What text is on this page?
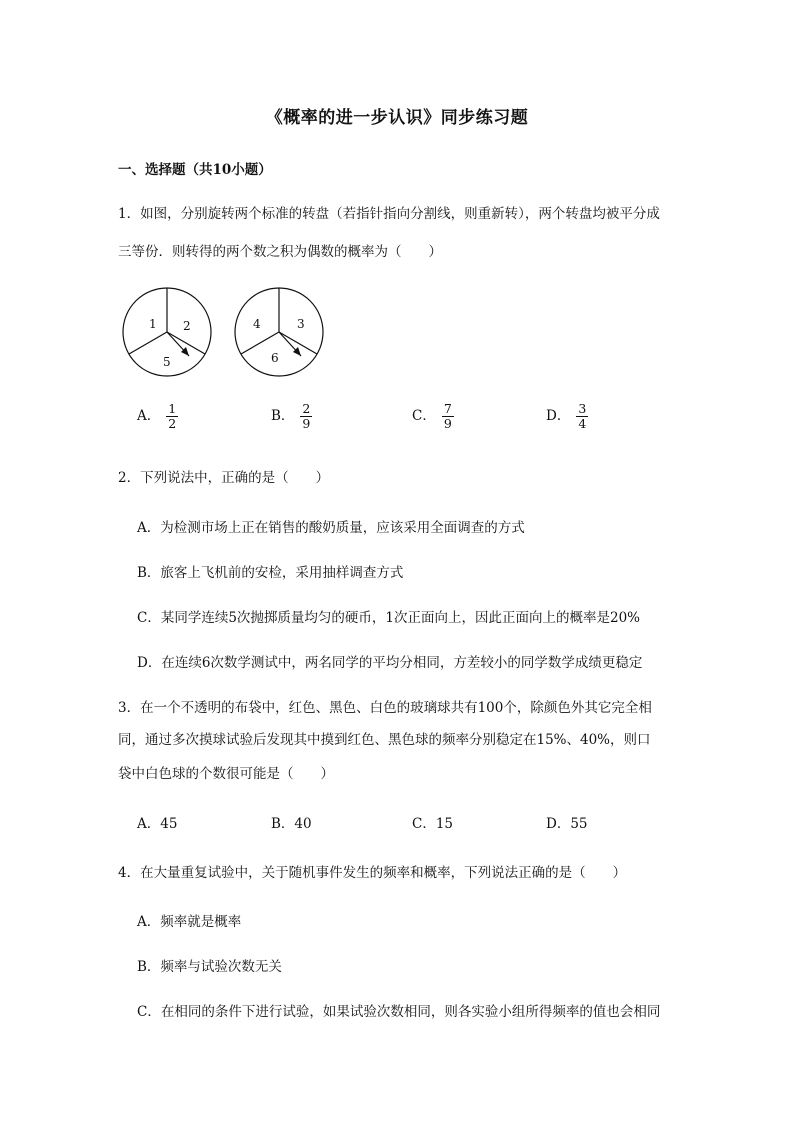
《概率的进一步认识》同步练习题
一、选择题（共10小题）
1．如图，分别旋转两个标准的转盘（若指针指向分割线，则重新转），两个转盘均被平分成
三等份．则转得的两个数之积为偶数的概率为（　　）
1 2
5
4	3
6
A． $\frac{1}{2}$	B． $\frac{2}{9}$	C． $\frac{7}{9}$	D． $\frac{3}{4}$
2．下列说法中，正确的是（　　）
A．为检测市场上正在销售的酸奶质量，应该采用全面调查的方式
B．旅客上飞机前的安检，采用抽样调查方式
C．某同学连续5次抛掷质量均匀的硬币，1次正面向上，因此正面向上的概率是20%
D．在连续6次数学测试中，两名同学的平均分相同，方差较小的同学数学成绩更稳定
3．在一个不透明的布袋中，红色、黑色、白色的玻璃球共有100个，除颜色外其它完全相
同，通过多次摸球试验后发现其中摸到红色、黑色球的频率分别稳定在15%、40%，则口
袋中白色球的个数很可能是（　　）
A．45	B．40	C．15	D．55
4．在大量重复试验中，关于随机事件发生的频率和概率，下列说法正确的是（　　）
A．频率就是概率
B．频率与试验次数无关
C．在相同的条件下进行试验，如果试验次数相同，则各实验小组所得频率的值也会相同
